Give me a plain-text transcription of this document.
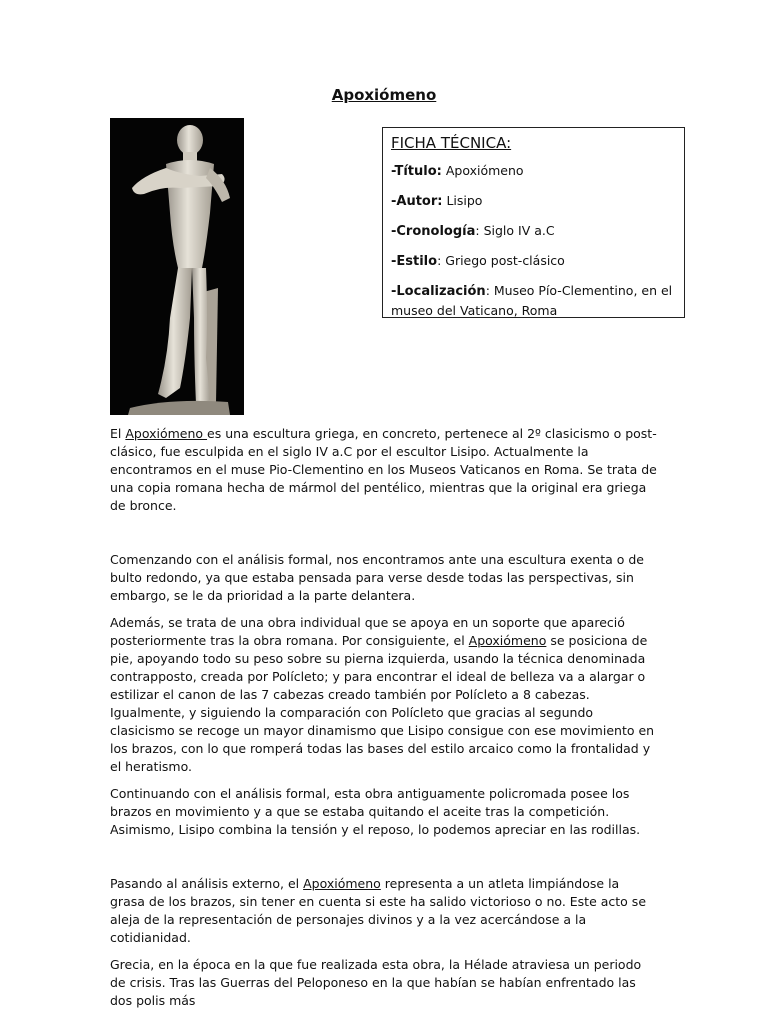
Apoxiómeno
FICHA TÉCNICA:
-Título: Apoxiómeno
-Autor: Lisipo
-Cronología: Siglo IV a.C
-Estilo: Griego post-clásico
-Localización: Museo Pío-Clementino, en el museo del Vaticano, Roma

El Apoxiómeno es una escultura griega, en concreto, pertenece al 2º clasicismo o post-clásico, fue esculpida en el siglo IV a.C por el escultor Lisipo. Actualmente la encontramos en el muse Pio-Clementino en los Museos Vaticanos en Roma. Se trata de una copia romana hecha de mármol del pentélico, mientras que la original era griega de bronce.

Comenzando con el análisis formal, nos encontramos ante una escultura exenta o de bulto redondo, ya que estaba pensada para verse desde todas las perspectivas, sin embargo, se le da prioridad a la parte delantera.

Además, se trata de una obra individual que se apoya en un soporte que apareció posteriormente tras la obra romana. Por consiguiente, el Apoxiómeno se posiciona de pie, apoyando todo su peso sobre su pierna izquierda, usando la técnica denominada contrapposto, creada por Polícleto; y para encontrar el ideal de belleza va a alargar o estilizar el canon de las 7 cabezas creado también por Polícleto a 8 cabezas. Igualmente, y siguiendo la comparación con Polícleto que gracias al segundo clasicismo se recoge un mayor dinamismo que Lisipo consigue con ese movimiento en los brazos, con lo que romperá todas las bases del estilo arcaico como la frontalidad y el heratismo.

Continuando con el análisis formal, esta obra antiguamente policromada posee los brazos en movimiento y a que se estaba quitando el aceite tras la competición. Asimismo, Lisipo combina la tensión y el reposo, lo podemos apreciar en las rodillas.

Pasando al análisis externo, el Apoxiómeno representa a un atleta limpiándose la grasa de los brazos, sin tener en cuenta si este ha salido victorioso o no. Este acto se aleja de la representación de personajes divinos y a la vez acercándose a la cotidianidad.

Grecia, en la época en la que fue realizada esta obra, la Hélade atraviesa un periodo de crisis. Tras las Guerras del Peloponeso en la que habían se habían enfrentado las dos polis más
